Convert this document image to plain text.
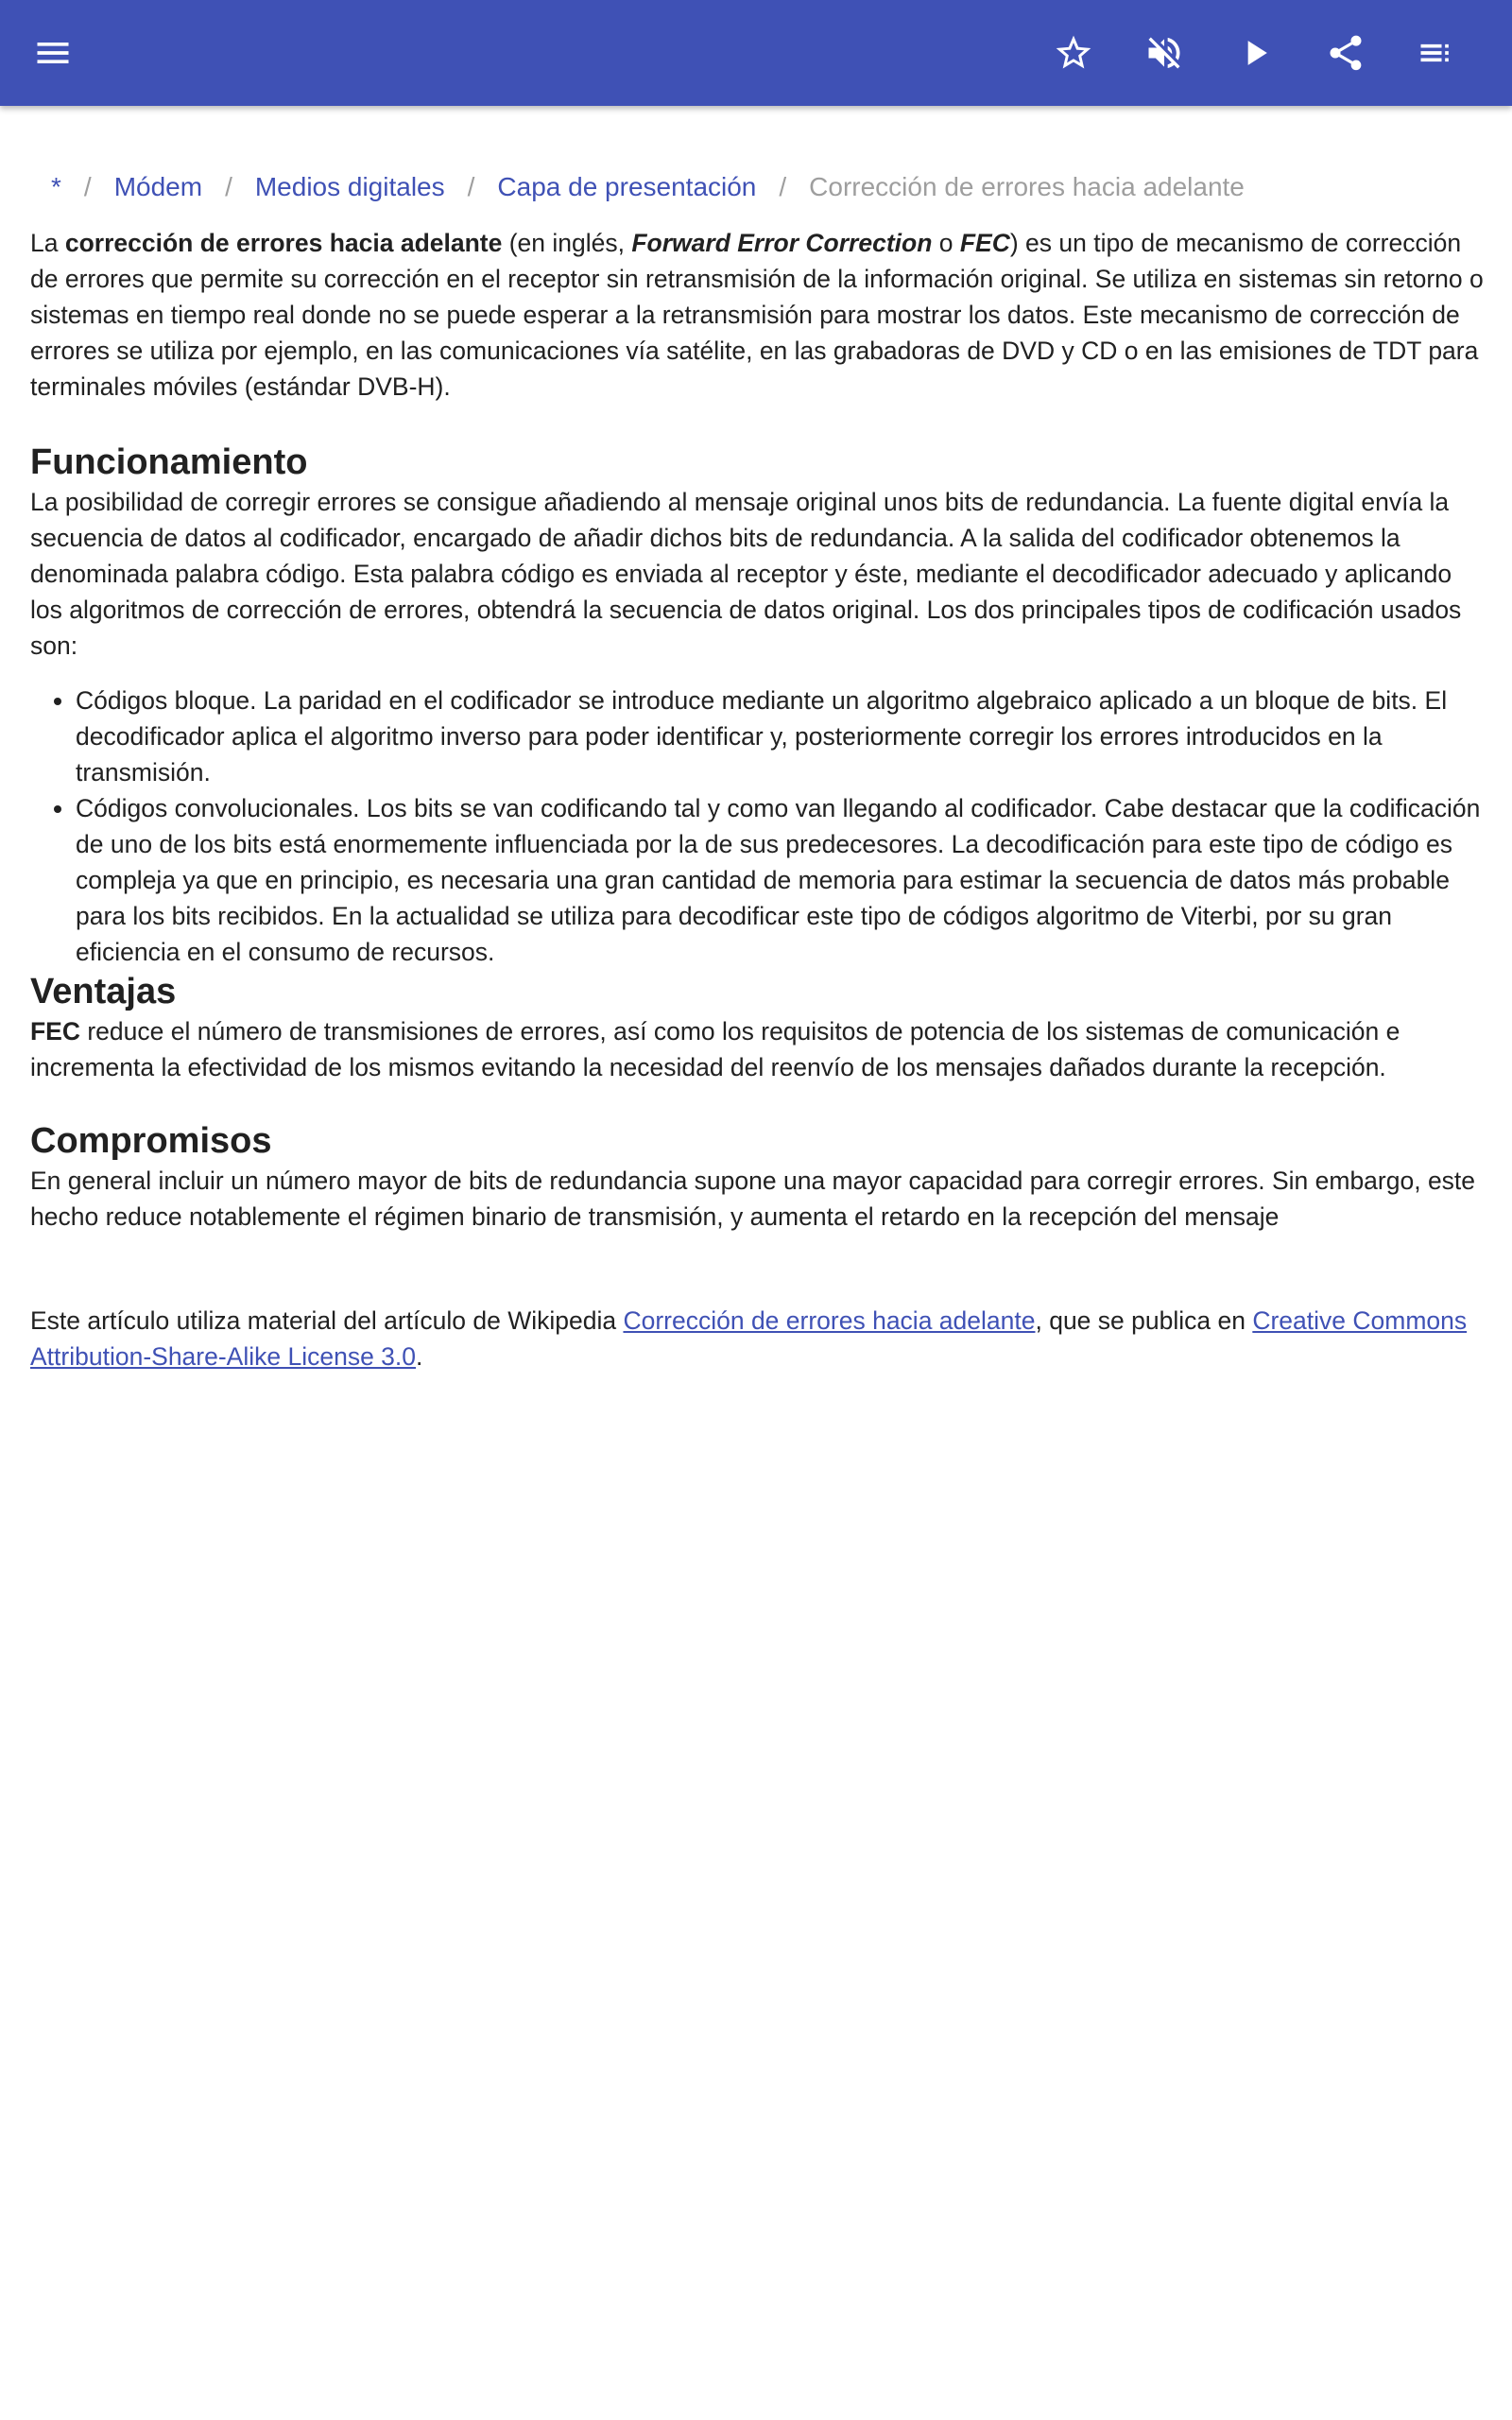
* / Módem / Medios digitales / Capa de presentación / Corrección de errores hacia adelante

La corrección de errores hacia adelante (en inglés, Forward Error Correction o FEC) es un tipo de mecanismo de corrección de errores que permite su corrección en el receptor sin retransmisión de la información original. Se utiliza en sistemas sin retorno o sistemas en tiempo real donde no se puede esperar a la retransmisión para mostrar los datos. Este mecanismo de corrección de errores se utiliza por ejemplo, en las comunicaciones vía satélite, en las grabadoras de DVD y CD o en las emisiones de TDT para terminales móviles (estándar DVB-H).

Funcionamiento

La posibilidad de corregir errores se consigue añadiendo al mensaje original unos bits de redundancia. La fuente digital envía la secuencia de datos al codificador, encargado de añadir dichos bits de redundancia. A la salida del codificador obtenemos la denominada palabra código. Esta palabra código es enviada al receptor y éste, mediante el decodificador adecuado y aplicando los algoritmos de corrección de errores, obtendrá la secuencia de datos original. Los dos principales tipos de codificación usados son:

• Códigos bloque. La paridad en el codificador se introduce mediante un algoritmo algebraico aplicado a un bloque de bits. El decodificador aplica el algoritmo inverso para poder identificar y, posteriormente corregir los errores introducidos en la transmisión.
• Códigos convolucionales. Los bits se van codificando tal y como van llegando al codificador. Cabe destacar que la codificación de uno de los bits está enormemente influenciada por la de sus predecesores. La decodificación para este tipo de código es compleja ya que en principio, es necesaria una gran cantidad de memoria para estimar la secuencia de datos más probable para los bits recibidos. En la actualidad se utiliza para decodificar este tipo de códigos algoritmo de Viterbi, por su gran eficiencia en el consumo de recursos.
Ventajas

FEC reduce el número de transmisiones de errores, así como los requisitos de potencia de los sistemas de comunicación e incrementa la efectividad de los mismos evitando la necesidad del reenvío de los mensajes dañados durante la recepción.

Compromisos

En general incluir un número mayor de bits de redundancia supone una mayor capacidad para corregir errores. Sin embargo, este hecho reduce notablemente el régimen binario de transmisión, y aumenta el retardo en la recepción del mensaje

Este artículo utiliza material del artículo de Wikipedia Corrección de errores hacia adelante, que se publica en Creative Commons Attribution-Share-Alike License 3.0.
